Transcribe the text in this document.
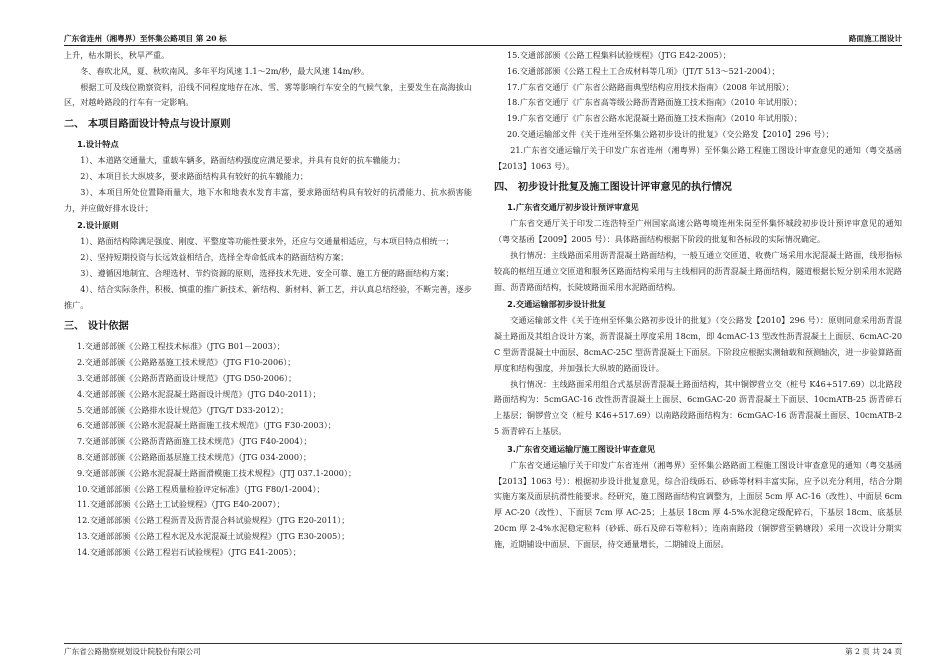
广东省连州（湘粤界）至怀集公路项目 第 20 标	路面施工图设计

上升，枯水期长，秋旱严重。

冬、春吹北风，夏、秋吹南风。多年平均风速 1.1～2m/秒，最大风速 14m/秒。

根据工可及线位勘察资料，沿线不同程度地存在冰、雪、雾等影响行车安全的气候气象，主要发生在高海拔山区，对越岭路段的行车有一定影响。

二、 本项目路面设计特点与设计原则
1.设计特点

1）、本道路交通量大，重载车辆多，路面结构强度应满足要求，并具有良好的抗车辙能力；

2）、本项目长大纵坡多，要求路面结构具有较好的抗车辙能力；

3）、本项目所处位置降雨量大，地下水和地表水发育丰富，要求路面结构具有较好的抗滑能力、抗水损害能力，并应做好排水设计；

2.设计原则

1）、路面结构除满足强度、刚度、平整度等功能性要求外，还应与交通量相适应，与本项目特点相统一；

2）、坚持短期投资与长远效益相结合，选择全寿命低成本的路面结构方案；

3）、遵循因地制宜、合理选材、节约资源的原则，选择技术先进、安全可靠、施工方便的路面结构方案；

4）、结合实际条件，积极、慎重的推广新技术、新结构、新材料、新工艺，并认真总结经验，不断完善，逐步推广。

三、 设计依据

1.交通部部颁《公路工程技术标准》（JTG B01－2003）；

2.交通部部颁《公路路基施工技术规范》（JTG F10-2006）；

3.交通部部颁《公路沥青路面设计规范》（JTG D50-2006）；

4.交通部部颁《公路水泥混凝土路面设计规范》（JTG D40-2011）；

5.交通部部颁《公路排水设计规范》（JTG/T D33-2012）；

6.交通部部颁《公路水泥混凝土路面施工技术规范》（JTG F30-2003）；

7.交通部部颁《公路沥青路面施工技术规范》（JTG F40-2004）；

8.交通部部颁《公路路面基层施工技术规范》（JTG 034-2000）；

9.交通部部颁《公路水泥混凝土路面滑模施工技术规程》（JTJ 037.1-2000）；

10.交通部部颁《公路工程质量检验评定标准》（JTG F80/1-2004）；

11.交通部部颁《公路土工试验规程》（JTG E40-2007）；

12.交通部部颁《公路工程沥青及沥青混合料试验规程》（JTG E20-2011）；

13.交通部部颁《公路工程水泥及水泥混凝土试验规程》（JTG E30-2005）；

14.交通部部颁《公路工程岩石试验规程》（JTG E41-2005）；

15.交通部部颁《公路工程集料试验规程》（JTG E42-2005）；

16.交通部部颁《公路工程土工合成材料等几项》（JT/T 513～521-2004）；

17.广东省交通厅《广东省公路路面典型结构应用技术指南》（2008 年试用版）；

18.广东省交通厅《广东省高等级公路沥青路面施工技术指南》（2010 年试用版）；

19.广东省交通厅《广东省公路水泥混凝土路面施工技术指南》（2010 年试用版）；

20.交通运输部文件《关于连州至怀集公路初步设计的批复》（交公路发【2010】296 号）；

21.广东省交通运输厅关于印发广东省连州（湘粤界）至怀集公路工程施工图设计审查意见的通知（粤交基函【2013】1063 号）。

四、 初步设计批复及施工图设计评审意见的执行情况
1.广东省交通厅初步设计预评审意见

广东省交通厅关于印发二连浩特至广州国家高速公路粤境连州朱岗至怀集怀城段初步设计预评审意见的通知（粤交基函【2009】2005 号）：具体路面结构根据下阶段的批复和各标段的实际情况确定。

执行情况：主线路面采用沥青混凝土路面结构，一般互通立交匝道、收费广场采用水泥混凝土路面，线形指标较高的枢纽互通立交匝道和服务区路面结构采用与主线相同的沥青混凝土路面结构，隧道根据长短分别采用水泥路面、沥青路面结构，长陡坡路面采用水泥路面结构。

2.交通运输部初步设计批复

交通运输部文件《关于连州至怀集公路初步设计的批复》（交公路发【2010】296 号）：原则同意采用沥青混凝土路面及其组合设计方案，沥青混凝土厚度采用 18cm，即 4cmAC-13 型改性沥青混凝土上面层、6cmAC-20C 型沥青混凝土中面层、8cmAC-25C 型沥青混凝土下面层。下阶段应根据实测轴载和预测轴次，进一步验算路面厚度和结构强度，并加强长大纵坡的路面设计。

执行情况：主线路面采用组合式基层沥青混凝土路面结构，其中铜锣营立交（桩号 K46+517.69）以北路段路面结构为：5cmGAC-16 改性沥青混凝土上面层、6cmGAC-20 沥青混凝土下面层、10cmATB-25 沥青碎石上基层；铜锣营立交（桩号 K46+517.69）以南路段路面结构为：6cmGAC-16 沥青混凝土面层、10cmATB-25 沥青碎石上基层。

3.广东省交通运输厅施工图设计审查意见

广东省交通运输厅关于印发广东省连州（湘粤界）至怀集公路路面工程施工图设计审查意见的通知（粤交基函【2013】1063 号）：根据初步设计批复意见，综合沿线砾石、砂砾等材料丰富实际，应予以充分利用，结合分期实施方案及面层抗滑性能要求。经研究，施工图路面结构宜调整为，上面层 5cm 厚 AC-16（改性）、中面层 6cm 厚 AC-20（改性）、下面层 7cm 厚 AC-25；上基层 18cm 厚 4-5%水泥稳定级配碎石，下基层 18cm、底基层 20cm 厚 2-4%水泥稳定粒料（砂砾、砾石及碎石等粒料）；连南南路段（铜锣营至鹤塘段）采用一次设计分期实施，近期铺设中面层、下面层，待交通量增长，二期铺设上面层。

广东省公路勘察规划设计院股份有限公司	第 2 页 共 24 页
